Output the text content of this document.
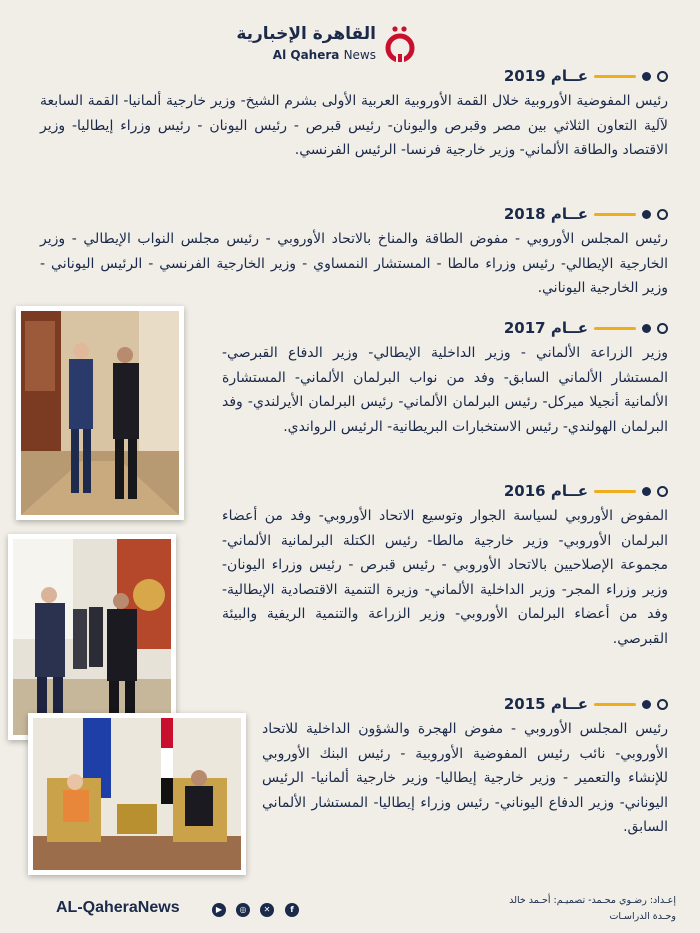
القاهرة الإخبارية
Al Qahera News
عــام 2019
رئيس المفوضية الأوروبية خلال القمة الأوروبية العربية الأولى بشرم الشيخ- وزير خارجية ألمانيا- القمة السابعة لآلية التعاون الثلاثي بين مصر وقبرص واليونان- رئيس قبرص - رئيس اليونان - رئيس وزراء إيطاليا- وزير الاقتصاد والطاقة الألماني- وزير خارجية فرنسا- الرئيس الفرنسي.
عــام 2018
رئيس المجلس الأوروبي - مفوض الطاقة والمناخ بالاتحاد الأوروبي - رئيس مجلس النواب الإيطالي - وزير الخارجية الإيطالي- رئيس وزراء مالطا - المستشار النمساوي - وزير الخارجية الفرنسي - الرئيس اليوناني - وزير الخارجية اليوناني.
عــام 2017
وزير الزراعة الألماني - وزير الداخلية الإيطالي- وزير الدفاع القبرصي- المستشار الألماني السابق- وفد من نواب البرلمان الألماني- المستشارة الألمانية أنجيلا ميركل- رئيس البرلمان الألماني- رئيس البرلمان الأيرلندي- وفد البرلمان الهولندي- رئيس الاستخبارات البريطانية- الرئيس الرواندي.
عــام 2016
المفوض الأوروبي لسياسة الجوار وتوسيع الاتحاد الأوروبي- وفد من أعضاء البرلمان الأوروبي- وزير خارجية مالطا- رئيس الكتلة البرلمانية الألماني- مجموعة الإصلاحيين بالاتحاد الأوروبي - رئيس قبرص - رئيس وزراء اليونان- وزير وزراء المجر- وزير الداخلية الألماني- وزيرة التنمية الاقتصادية الإيطالية- وفد من أعضاء البرلمان الأوروبي- وزير الزراعة والتنمية الريفية والبيئة القبرصي.
عــام 2015
رئيس المجلس الأوروبي - مفوض الهجرة والشؤون الداخلية للاتحاد الأوروبي- نائب رئيس المفوضية الأوروبية - رئيس البنك الأوروبي للإنشاء والتعمير - وزير خارجية إيطاليا- وزير خارجية ألمانيا- الرئيس اليوناني- وزير الدفاع اليوناني- رئيس وزراء إيطاليا- المستشار الألماني السابق.
AL-QaheraNews	▶	◎	✕	f
إعـداد: رضـوي محـمد- تصميـم: أحـمد خالد
وحـدة الدراسـات
